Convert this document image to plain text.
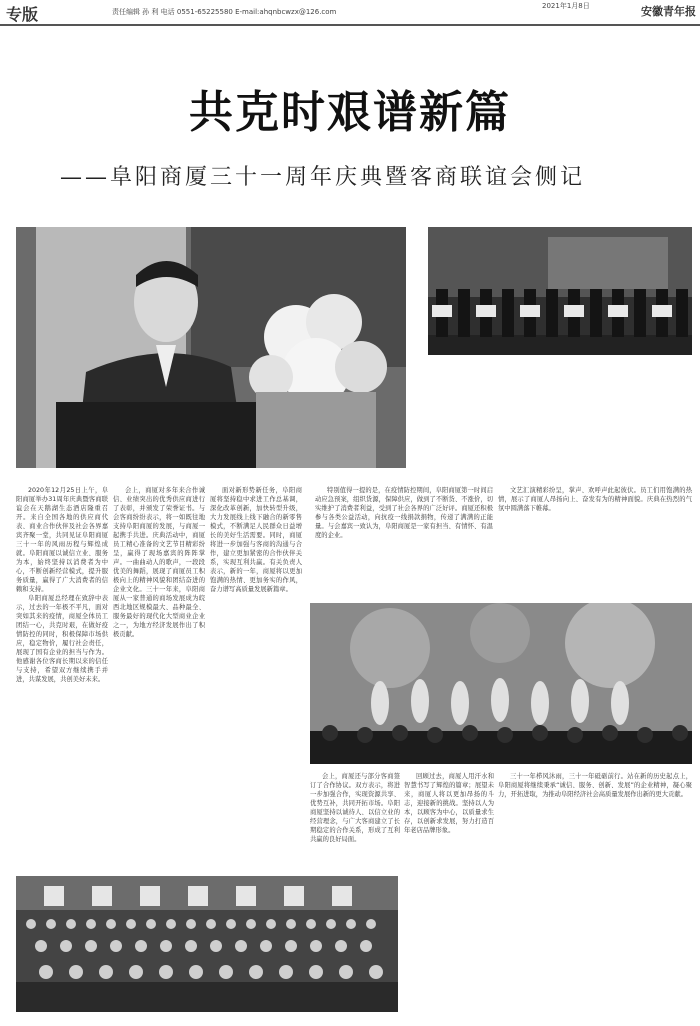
专版	责任编辑 孙 利 电话 0551-65225580 E-mail:ahqnbcwzx@126.com
2021年1月8日	安徽青年报
共克时艰谱新篇
——阜阳商厦三十一周年庆典暨客商联谊会侧记

2020年12月25日上午，阜阳商厦举办31周年庆典暨客商联谊会在天鹅湖生态酒店隆重召开。来自全国各地的供应商代表、商业合作伙伴及社会各界嘉宾齐聚一堂，共同见证阜阳商厦三十一年的风雨历程与辉煌成就。阜阳商厦以诚信立业、服务为本，始终坚持以消费者为中心，不断创新经营模式，提升服务质量，赢得了广大消费者的信赖和支持。

阜阳商厦总经理在致辞中表示，过去的一年极不平凡，面对突如其来的疫情，商厦全体员工团结一心，共克时艰，在做好疫情防控的同时，积极保障市场供应，稳定物价，履行社会责任，展现了国有企业的担当与作为。他感谢各位客商长期以来的信任与支持，希望双方继续携手并进，共谋发展，共创美好未来。

会上，商厦对多年来合作诚信、业绩突出的优秀供应商进行了表彰，并颁发了荣誉证书。与会客商纷纷表示，将一如既往地支持阜阳商厦的发展，与商厦一起携手共进。庆典活动中，商厦员工精心准备的文艺节目精彩纷呈，赢得了现场嘉宾的阵阵掌声。一曲曲动人的歌声，一段段优美的舞蹈，展现了商厦员工积极向上的精神风貌和团结奋进的企业文化。三十一年来，阜阳商厦从一家普通的商场发展成为皖西北地区规模最大、品种最全、服务最好的现代化大型商业企业之一，为地方经济发展作出了积极贡献。

面对新形势新任务，阜阳商厦将坚持稳中求进工作总基调，深化改革创新，加快转型升级，大力发展线上线下融合的新零售模式，不断满足人民群众日益增长的美好生活需要。同时，商厦将进一步加强与客商的沟通与合作，建立更加紧密的合作伙伴关系，实现互利共赢。有关负责人表示，新的一年，商厦将以更加饱满的热情、更加务实的作风，奋力谱写高质量发展新篇章。

特别值得一提的是，在疫情防控期间，阜阳商厦第一时间启动应急预案，组织货源，保障供应，做到了不断货、不涨价，切实维护了消费者利益，受到了社会各界的广泛好评。商厦还积极参与各类公益活动，向抗疫一线捐款捐物，传递了满满的正能量。与会嘉宾一致认为，阜阳商厦是一家有担当、有情怀、有温度的企业。

文艺汇演精彩纷呈，掌声、欢呼声此起彼伏。员工们用饱满的热情，展示了商厦人昂扬向上、奋发有为的精神面貌。庆典在热烈的气氛中圆满落下帷幕。

会上，商厦还与部分客商签订了合作协议。双方表示，将进一步加强合作，实现资源共享、优势互补，共同开拓市场。阜阳商厦坚持以诚待人、以信立业的经营理念，与广大客商建立了长期稳定的合作关系，形成了互利共赢的良好局面。

回顾过去，商厦人用汗水和智慧书写了辉煌的篇章；展望未来，商厦人将以更加昂扬的斗志，迎接新的挑战。坚持以人为本，以顾客为中心，以质量求生存，以创新求发展，努力打造百年老店品牌形象。

三十一年栉风沐雨，三十一年砥砺前行。站在新的历史起点上，阜阳商厦将继续秉承“诚信、服务、创新、发展”的企业精神，凝心聚力，开拓进取，为推动阜阳经济社会高质量发展作出新的更大贡献。
